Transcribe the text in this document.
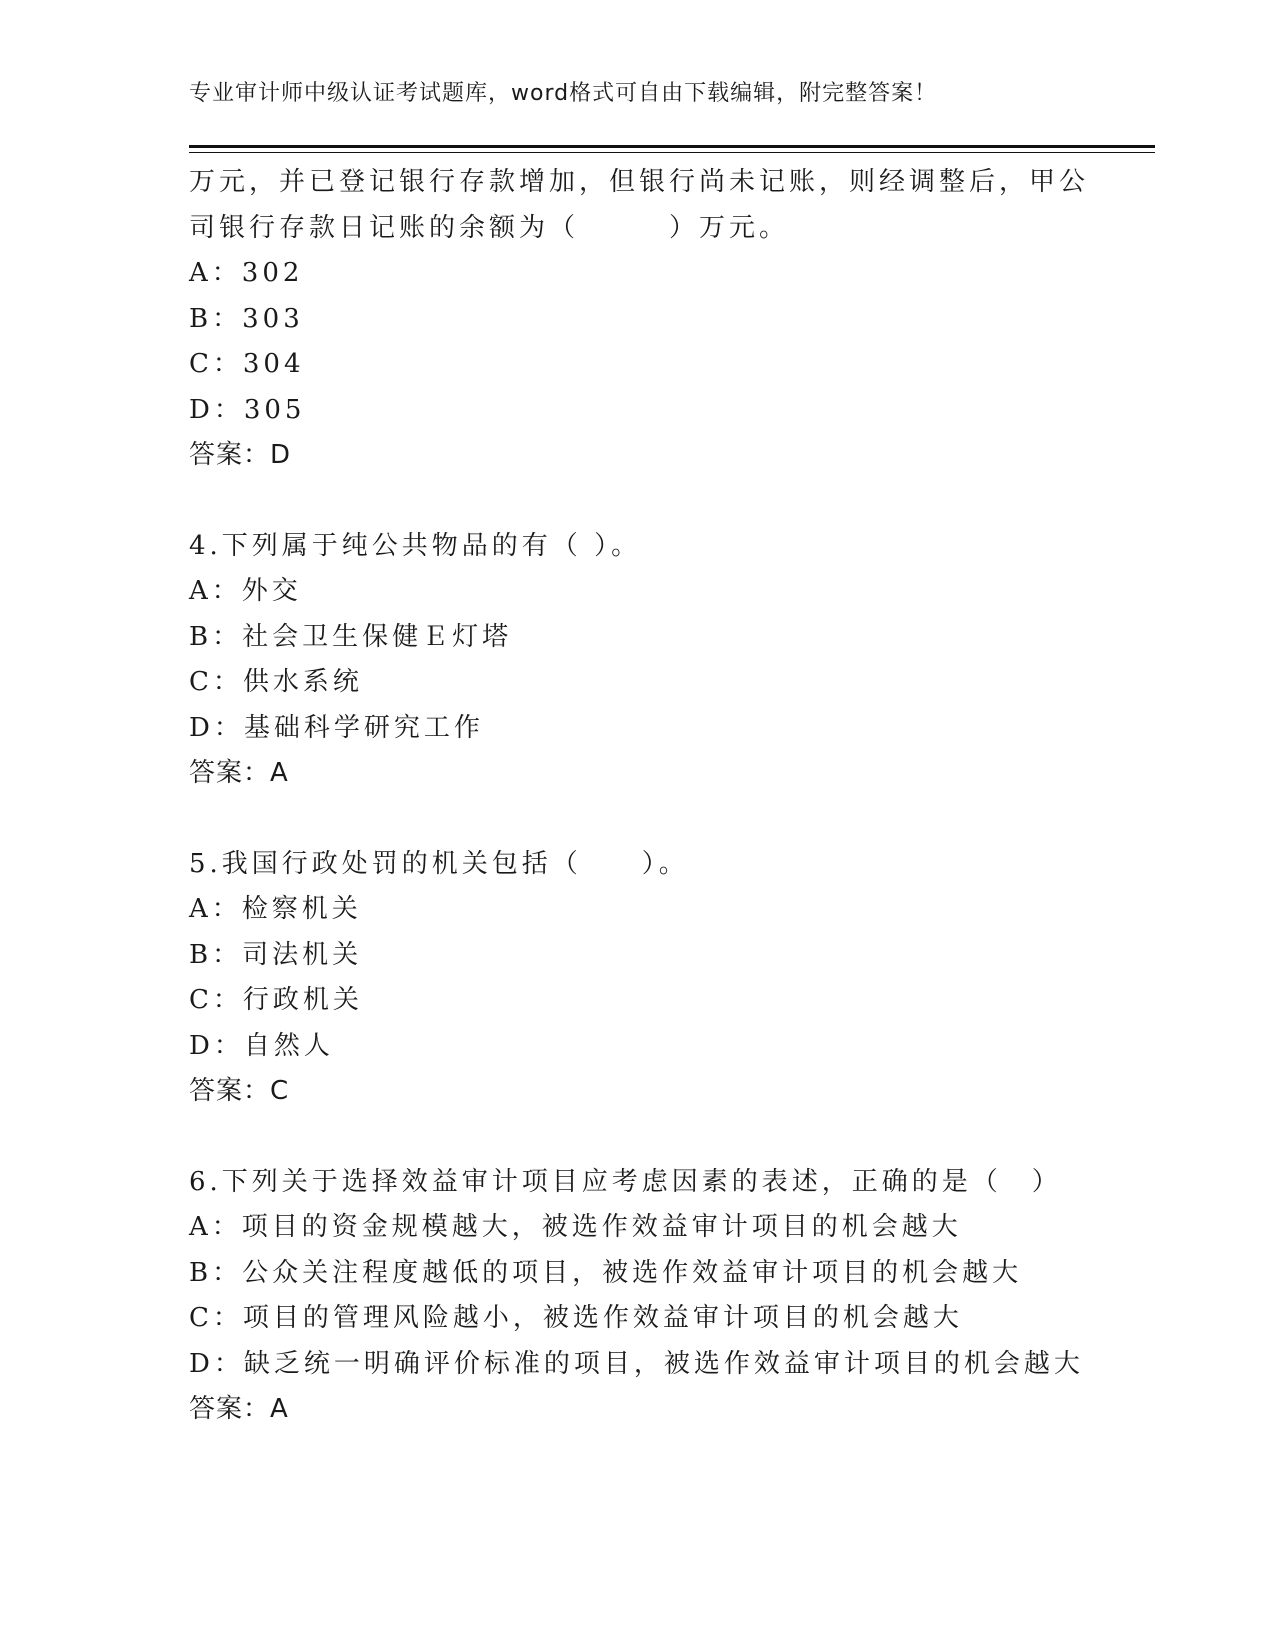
专业审计师中级认证考试题库，word格式可自由下载编辑，附完整答案！
万元，并已登记银行存款增加，但银行尚未记账，则经调整后，甲公
司银行存款日记账的余额为（　　　）万元。
A：302
B：303
C：304
D：305
答案：D
4.下列属于纯公共物品的有（ ）。
A：外交
B：社会卫生保健Ｅ灯塔
C：供水系统
D：基础科学研究工作
答案：A
5.我国行政处罚的机关包括（　　）。
A：检察机关
B：司法机关
C：行政机关
D：自然人
答案：C
6.下列关于选择效益审计项目应考虑因素的表述，正确的是（　）
A：项目的资金规模越大，被选作效益审计项目的机会越大
B：公众关注程度越低的项目，被选作效益审计项目的机会越大
C：项目的管理风险越小，被选作效益审计项目的机会越大
D：缺乏统一明确评价标准的项目，被选作效益审计项目的机会越大
答案：A
